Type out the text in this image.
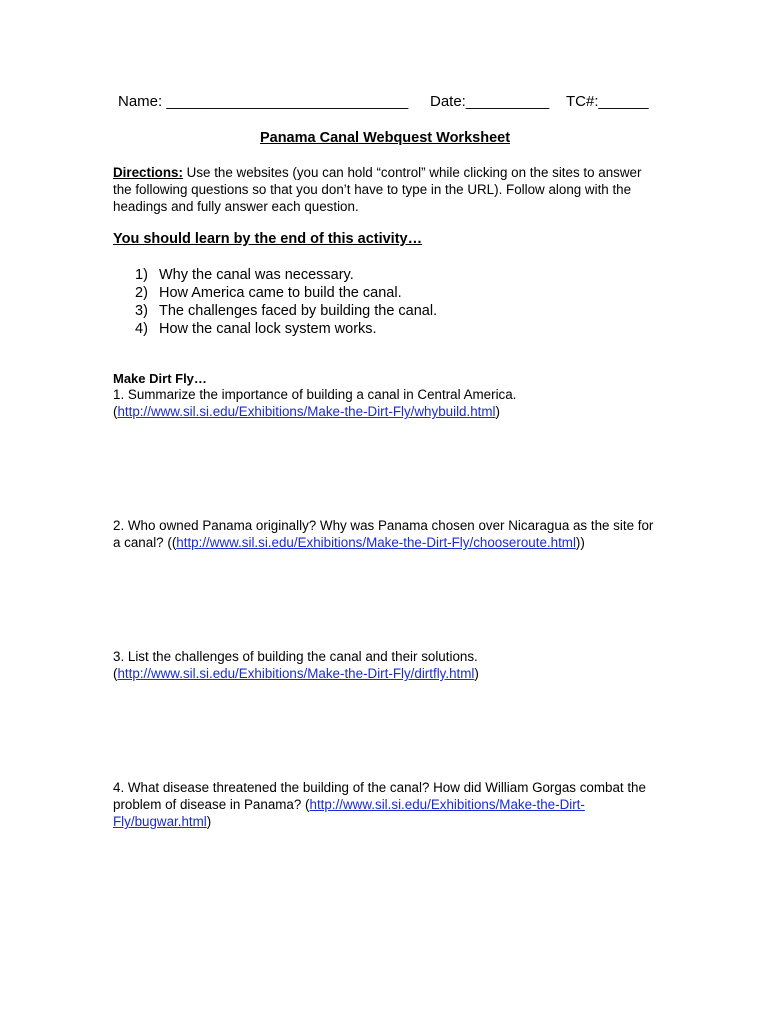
Name: _____________________________ Date:__________ TC#:______
Panama Canal Webquest Worksheet
Directions: Use the websites (you can hold “control” while clicking on the sites to answer the following questions so that you don’t have to type in the URL). Follow along with the headings and fully answer each question.
You should learn by the end of this activity…
1) Why the canal was necessary.
2) How America came to build the canal.
3) The challenges faced by building the canal.
4) How the canal lock system works.
Make Dirt Fly…
1. Summarize the importance of building a canal in Central America.
(http://www.sil.si.edu/Exhibitions/Make-the-Dirt-Fly/whybuild.html)
2. Who owned Panama originally? Why was Panama chosen over Nicaragua as the site for a canal? ((http://www.sil.si.edu/Exhibitions/Make-the-Dirt-Fly/chooseroute.html))
3. List the challenges of building the canal and their solutions.
(http://www.sil.si.edu/Exhibitions/Make-the-Dirt-Fly/dirtfly.html)
4. What disease threatened the building of the canal? How did William Gorgas combat the problem of disease in Panama? (http://www.sil.si.edu/Exhibitions/Make-the-Dirt-Fly/bugwar.html)
